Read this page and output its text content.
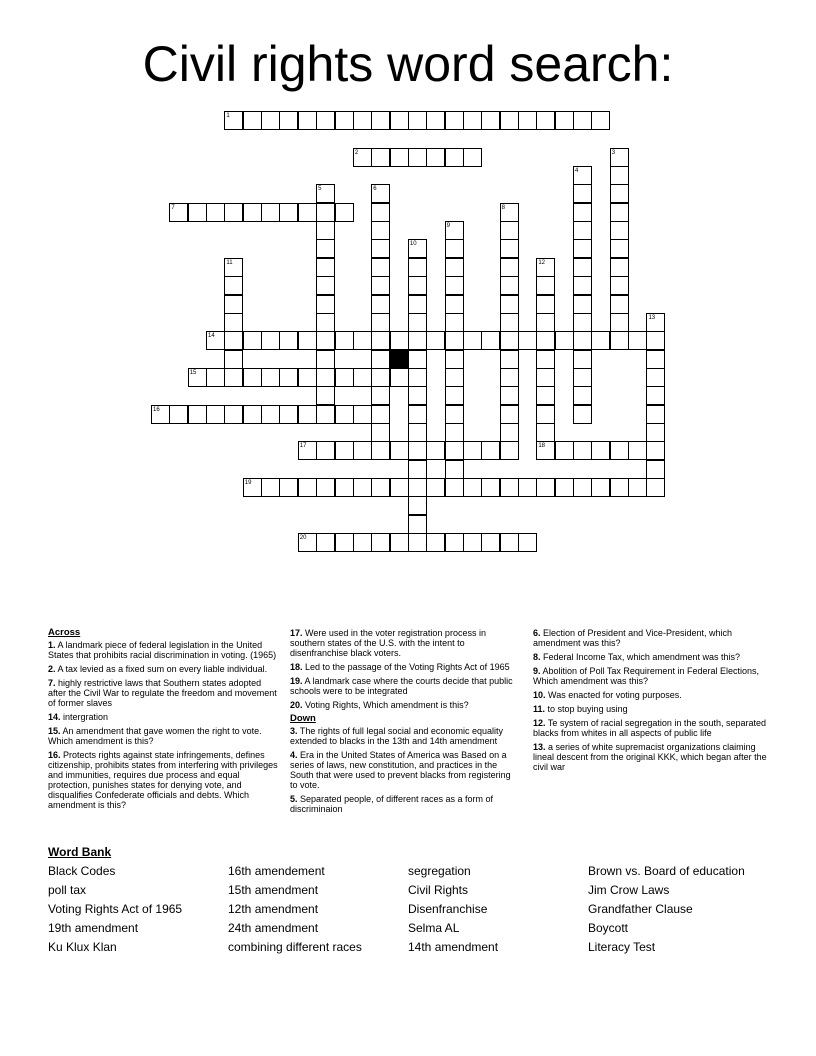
Civil rights word search:
1
2
7
14
15
16
17	18
19
20
3
4
5	6
8
9
10
11	12
13
Across
1. A landmark piece of federal legislation in the United States that prohibits racial discrimination in voting. (1965)
2. A tax levied as a fixed sum on every liable individual.
7. highly restrictive laws that Southern states adopted after the Civil War to regulate the freedom and movement of former slaves
14. intergration
15. An amendment that gave women the right to vote. Which amendment is this?
16. Protects rights against state infringements, defines citizenship, prohibits states from interfering with privileges and immunities, requires due process and equal protection, punishes states for denying vote, and disqualifies Confederate officials and debts. Which amendment is this?
17. Were used in the voter registration process in southern states of the U.S. with the intent to disenfranchise black voters.
18. Led to the passage of the Voting Rights Act of 1965
19. A landmark case where the courts decide that public schools were to be integrated
20. Voting Rights, Which amendment is this?
Down
3. The rights of full legal social and economic equality extended to blacks in the 13th and 14th amendment
4. Era in the United States of America was Based on a series of laws, new constitution, and practices in the South that were used to prevent blacks from registering to vote.
5. Separated people, of different races as a form of discriminaion
6. Election of President and Vice-President, which amendment was this?
8. Federal Income Tax, which amendment was this?
9. Abolition of Poll Tax Requirement in Federal Elections, Which amendment was this?
10. Was enacted for voting purposes.
11. to stop buying using
12. Te system of racial segregation in the south, separated blacks from whites in all aspects of public life
13. a series of white supremacist organizations claiming lineal descent from the original KKK, which began after the civil war
Word Bank
Black Codes
poll tax
Voting Rights Act of 1965
19th amendment
Ku Klux Klan
16th amendement
15th amendment
12th amendment
24th amendment
combining different races
segregation
Civil Rights
Disenfranchise
Selma AL
14th amendment
Brown vs. Board of education
Jim Crow Laws
Grandfather Clause
Boycott
Literacy Test
